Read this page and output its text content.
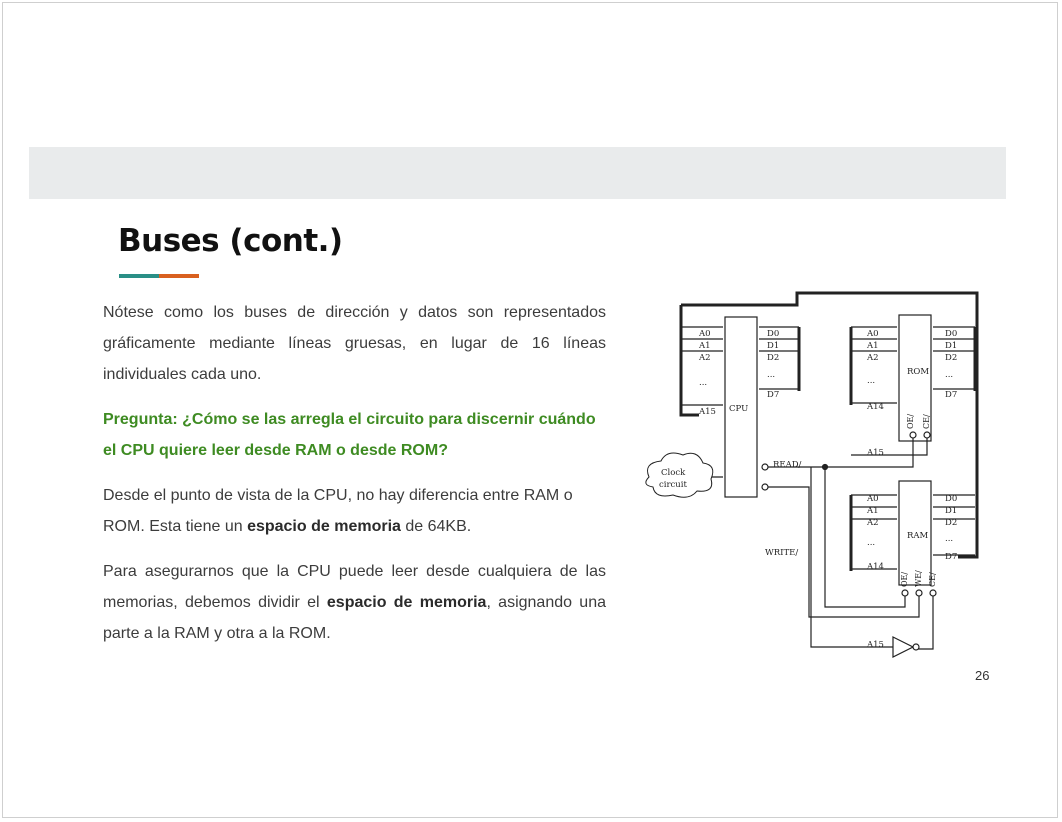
Buses (cont.)

Nótese como los buses de dirección y datos son representados gráficamente mediante líneas gruesas, en lugar de 16 líneas individuales cada uno.

Pregunta: ¿Cómo se las arregla el circuito para discernir cuándo el CPU quiere leer desde RAM o desde ROM?

Desde el punto de vista de la CPU, no hay diferencia entre RAM o ROM. Esta tiene un espacio de memoria de 64KB.

Para asegurarnos que la CPU puede leer desde cualquiera de las memorias, debemos dividir el espacio de memoria, asignando una parte a la RAM y otra a la ROM.

Clock
circuit
CPU
ROM
RAM
READ/
WRITE/
A15
A15
A0
A1
A2
...
A15
D0
D1
D2
...
D7
A0
A1
A2
...
A14
D0
D1
D2
...
D7
A0
A1
A2
...
A14
D0
D1
D2
...
D7
OE/ CE/
OE/ WE/ CE/
26
